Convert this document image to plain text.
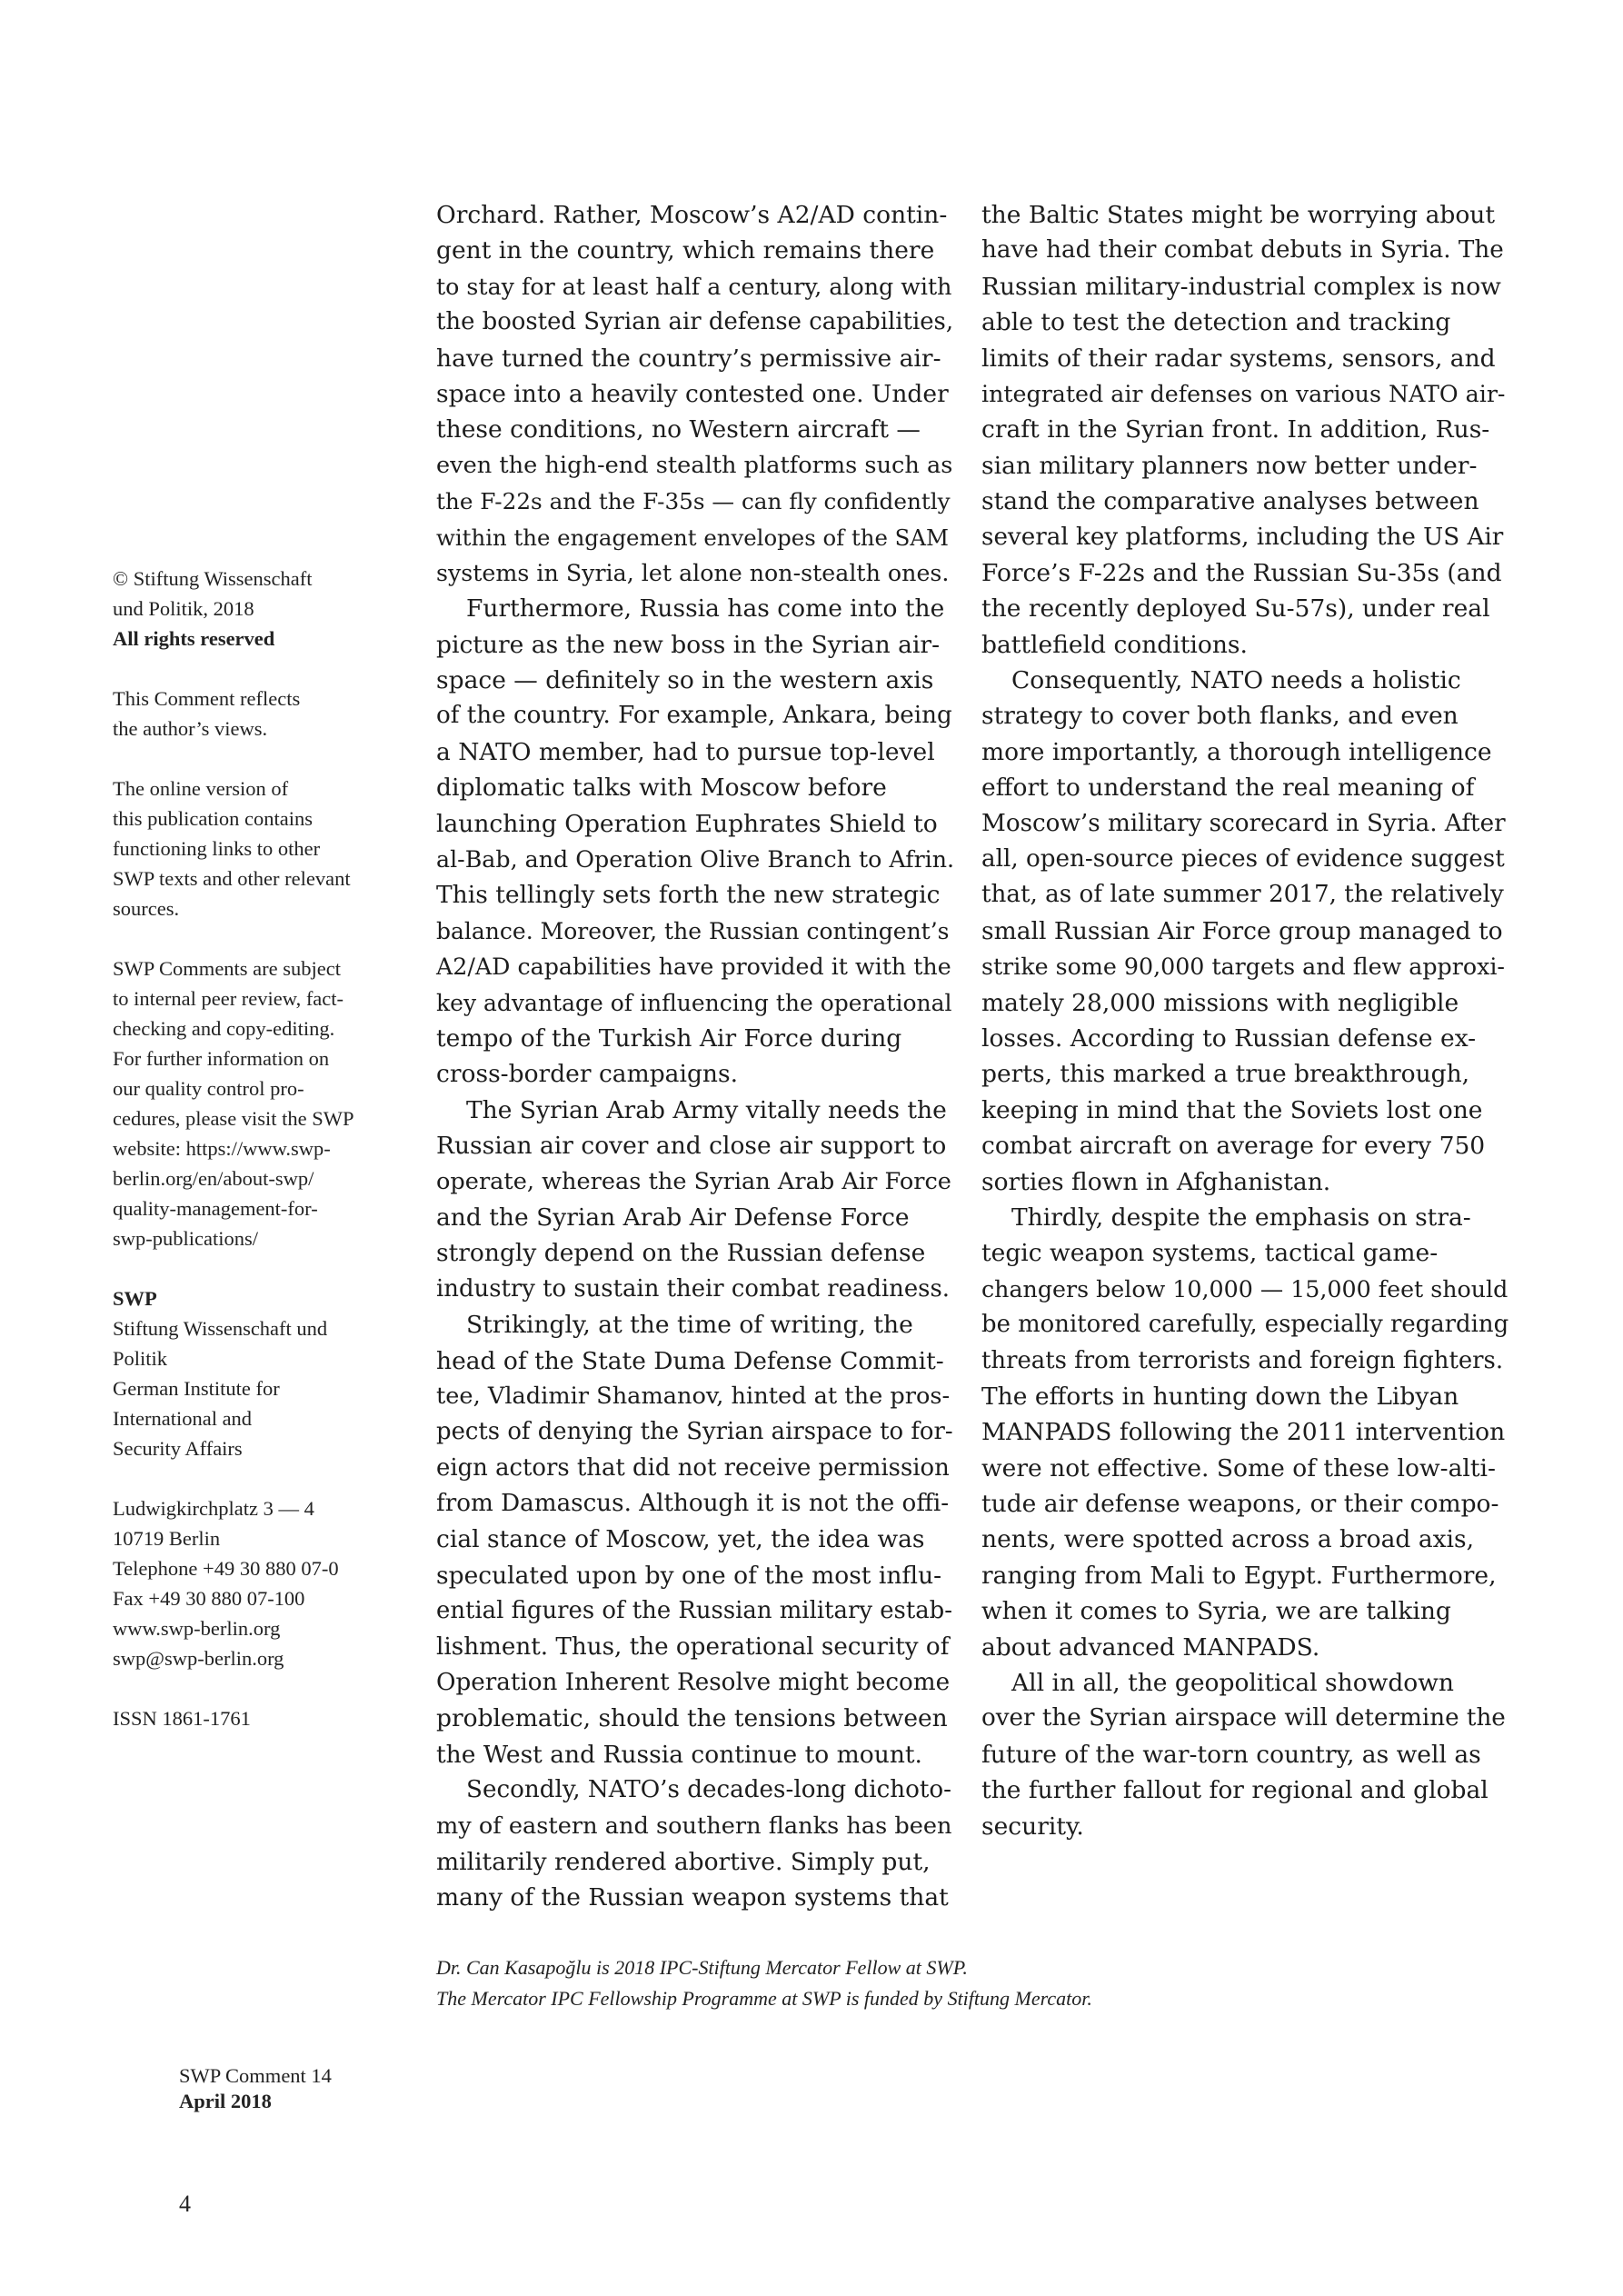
© Stiftung Wissenschaft
und Politik, 2018
All rights reserved
This Comment reflects
the author’s views.
The online version of
this publication contains
functioning links to other
SWP texts and other relevant
sources.
SWP Comments are subject
to internal peer review, fact-
checking and copy-editing.
For further information on
our quality control pro-
cedures, please visit the SWP
website: https://www.swp-
berlin.org/en/about-swp/
quality-management-for-
swp-publications/
SWP
Stiftung Wissenschaft und
Politik
German Institute for
International and
Security Affairs
Ludwigkirchplatz 3 — 4
10719 Berlin
Telephone +49 30 880 07-0
Fax +49 30 880 07-100
www.swp-berlin.org
swp@swp-berlin.org
ISSN 1861-1761
Orchard. Rather, Moscow’s A2/AD contin-
gent in the country, which remains there
to stay for at least half a century, along with
the boosted Syrian air defense capabilities,
have turned the country’s permissive air-
space into a heavily contested one. Under
these conditions, no Western aircraft —
even the high-end stealth platforms such as
the F-22s and the F-35s — can fly confidently
within the engagement envelopes of the SAM
systems in Syria, let alone non-stealth ones.
Furthermore, Russia has come into the
picture as the new boss in the Syrian air-
space — definitely so in the western axis
of the country. For example, Ankara, being
a NATO member, had to pursue top-level
diplomatic talks with Moscow before
launching Operation Euphrates Shield to
al-Bab, and Operation Olive Branch to Afrin.
This tellingly sets forth the new strategic
balance. Moreover, the Russian contingent’s
A2/AD capabilities have provided it with the
key advantage of influencing the operational
tempo of the Turkish Air Force during
cross-border campaigns.
The Syrian Arab Army vitally needs the
Russian air cover and close air support to
operate, whereas the Syrian Arab Air Force
and the Syrian Arab Air Defense Force
strongly depend on the Russian defense
industry to sustain their combat readiness.
Strikingly, at the time of writing, the
head of the State Duma Defense Commit-
tee, Vladimir Shamanov, hinted at the pros-
pects of denying the Syrian airspace to for-
eign actors that did not receive permission
from Damascus. Although it is not the offi-
cial stance of Moscow, yet, the idea was
speculated upon by one of the most influ-
ential figures of the Russian military estab-
lishment. Thus, the operational security of
Operation Inherent Resolve might become
problematic, should the tensions between
the West and Russia continue to mount.
Secondly, NATO’s decades-long dichoto-
my of eastern and southern flanks has been
militarily rendered abortive. Simply put,
many of the Russian weapon systems that
the Baltic States might be worrying about
have had their combat debuts in Syria. The
Russian military-industrial complex is now
able to test the detection and tracking
limits of their radar systems, sensors, and
integrated air defenses on various NATO air-
craft in the Syrian front. In addition, Rus-
sian military planners now better under-
stand the comparative analyses between
several key platforms, including the US Air
Force’s F-22s and the Russian Su-35s (and
the recently deployed Su-57s), under real
battlefield conditions.
Consequently, NATO needs a holistic
strategy to cover both flanks, and even
more importantly, a thorough intelligence
effort to understand the real meaning of
Moscow’s military scorecard in Syria. After
all, open-source pieces of evidence suggest
that, as of late summer 2017, the relatively
small Russian Air Force group managed to
strike some 90,000 targets and flew approxi-
mately 28,000 missions with negligible
losses. According to Russian defense ex-
perts, this marked a true breakthrough,
keeping in mind that the Soviets lost one
combat aircraft on average for every 750
sorties flown in Afghanistan.
Thirdly, despite the emphasis on stra-
tegic weapon systems, tactical game-
changers below 10,000 — 15,000 feet should
be monitored carefully, especially regarding
threats from terrorists and foreign fighters.
The efforts in hunting down the Libyan
MANPADS following the 2011 intervention
were not effective. Some of these low-alti-
tude air defense weapons, or their compo-
nents, were spotted across a broad axis,
ranging from Mali to Egypt. Furthermore,
when it comes to Syria, we are talking
about advanced MANPADS.
All in all, the geopolitical showdown
over the Syrian airspace will determine the
future of the war-torn country, as well as
the further fallout for regional and global
security.
Dr. Can Kasapoğlu is 2018 IPC-Stiftung Mercator Fellow at SWP.
The Mercator IPC Fellowship Programme at SWP is funded by Stiftung Mercator.
SWP Comment 14
April 2018
4
